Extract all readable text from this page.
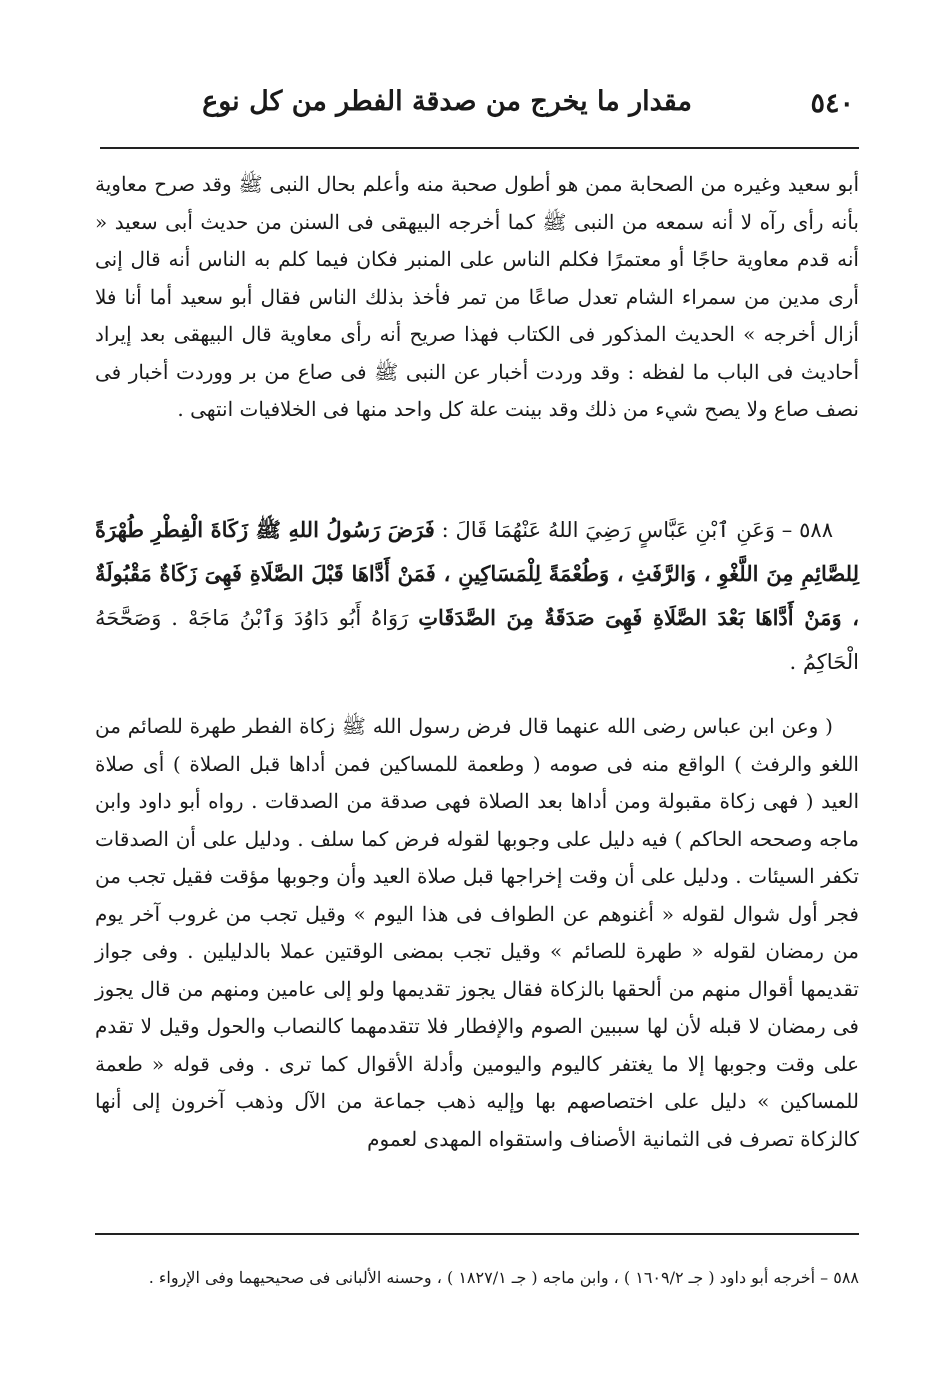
٥٤٠
مقدار ما يخرج من صدقة الفطر من كل نوع
أبو سعيد وغيره من الصحابة ممن هو أطول صحبة منه وأعلم بحال النبى ﷺ وقد صرح معاوية بأنه رأى رآه لا أنه سمعه من النبى ﷺ كما أخرجه البيهقى فى السنن من حديث أبى سعيد « أنه قدم معاوية حاجًا أو معتمرًا فكلم الناس على المنبر فكان فيما كلم به الناس أنه قال إنى أرى مدين من سمراء الشام تعدل صاعًا من تمر فأخذ بذلك الناس فقال أبو سعيد أما أنا فلا أزال أخرجه » الحديث المذكور فى الكتاب فهذا صريح أنه رأى معاوية قال البيهقى بعد إيراد أحاديث فى الباب ما لفظه : وقد وردت أخبار عن النبى ﷺ فى صاع من بر ووردت أخبار فى نصف صاع ولا يصح شيء من ذلك وقد بينت علة كل واحد منها فى الخلافيات انتهى .
٥٨٨ – وَعَنِ ٱبْنِ عَبَّاسٍ رَضِيَ اللهُ عَنْهُمَا قَالَ : فَرَضَ رَسُولُ اللهِ ﷺ زَكَاةَ الْفِطْرِ طُهْرَةً لِلصَّائِمِ مِنَ اللَّغْوِ ، وَالرَّفَثِ ، وَطُعْمَةً لِلْمَسَاكِينِ ، فَمَنْ أَدَّاهَا قَبْلَ الصَّلَاةِ فَهِىَ زَكَاةٌ مَقْبُولَةٌ ، وَمَنْ أَدَّاهَا بَعْدَ الصَّلَاةِ فَهِىَ صَدَقَةٌ مِنَ الصَّدَقَاتِ رَوَاهُ أَبُو دَاوُدَ وَٱبْنُ مَاجَهْ . وَصَحَّحَهُ الْحَاكِمُ .
( وعن ابن عباس رضى الله عنهما قال فرض رسول الله ﷺ زكاة الفطر طهرة للصائم من اللغو والرفث ) الواقع منه فى صومه ( وطعمة للمساكين فمن أداها قبل الصلاة ) أى صلاة العيد ( فهى زكاة مقبولة ومن أداها بعد الصلاة فهى صدقة من الصدقات . رواه أبو داود وابن ماجه وصححه الحاكم ) فيه دليل على وجوبها لقوله فرض كما سلف . ودليل على أن الصدقات تكفر السيئات . ودليل على أن وقت إخراجها قبل صلاة العيد وأن وجوبها مؤقت فقيل تجب من فجر أول شوال لقوله « أغنوهم عن الطواف فى هذا اليوم » وقيل تجب من غروب آخر يوم من رمضان لقوله « طهرة للصائم » وقيل تجب بمضى الوقتين عملا بالدليلين . وفى جواز تقديمها أقوال منهم من ألحقها بالزكاة فقال يجوز تقديمها ولو إلى عامين ومنهم من قال يجوز فى رمضان لا قبله لأن لها سببين الصوم والإفطار فلا تتقدمهما كالنصاب والحول وقيل لا تقدم على وقت وجوبها إلا ما يغتفر كاليوم واليومين وأدلة الأقوال كما ترى . وفى قوله « طعمة للمساكين » دليل على اختصاصهم بها وإليه ذهب جماعة من الآل وذهب آخرون إلى أنها كالزكاة تصرف فى الثمانية الأصناف واستقواه المهدى لعموم
٥٨٨ – أخرجه أبو داود ( جـ ١٦٠٩/٢ ) ، وابن ماجه ( جـ ١٨٢٧/١ ) ، وحسنه الألبانى فى صحيحيهما وفى الإرواء .
